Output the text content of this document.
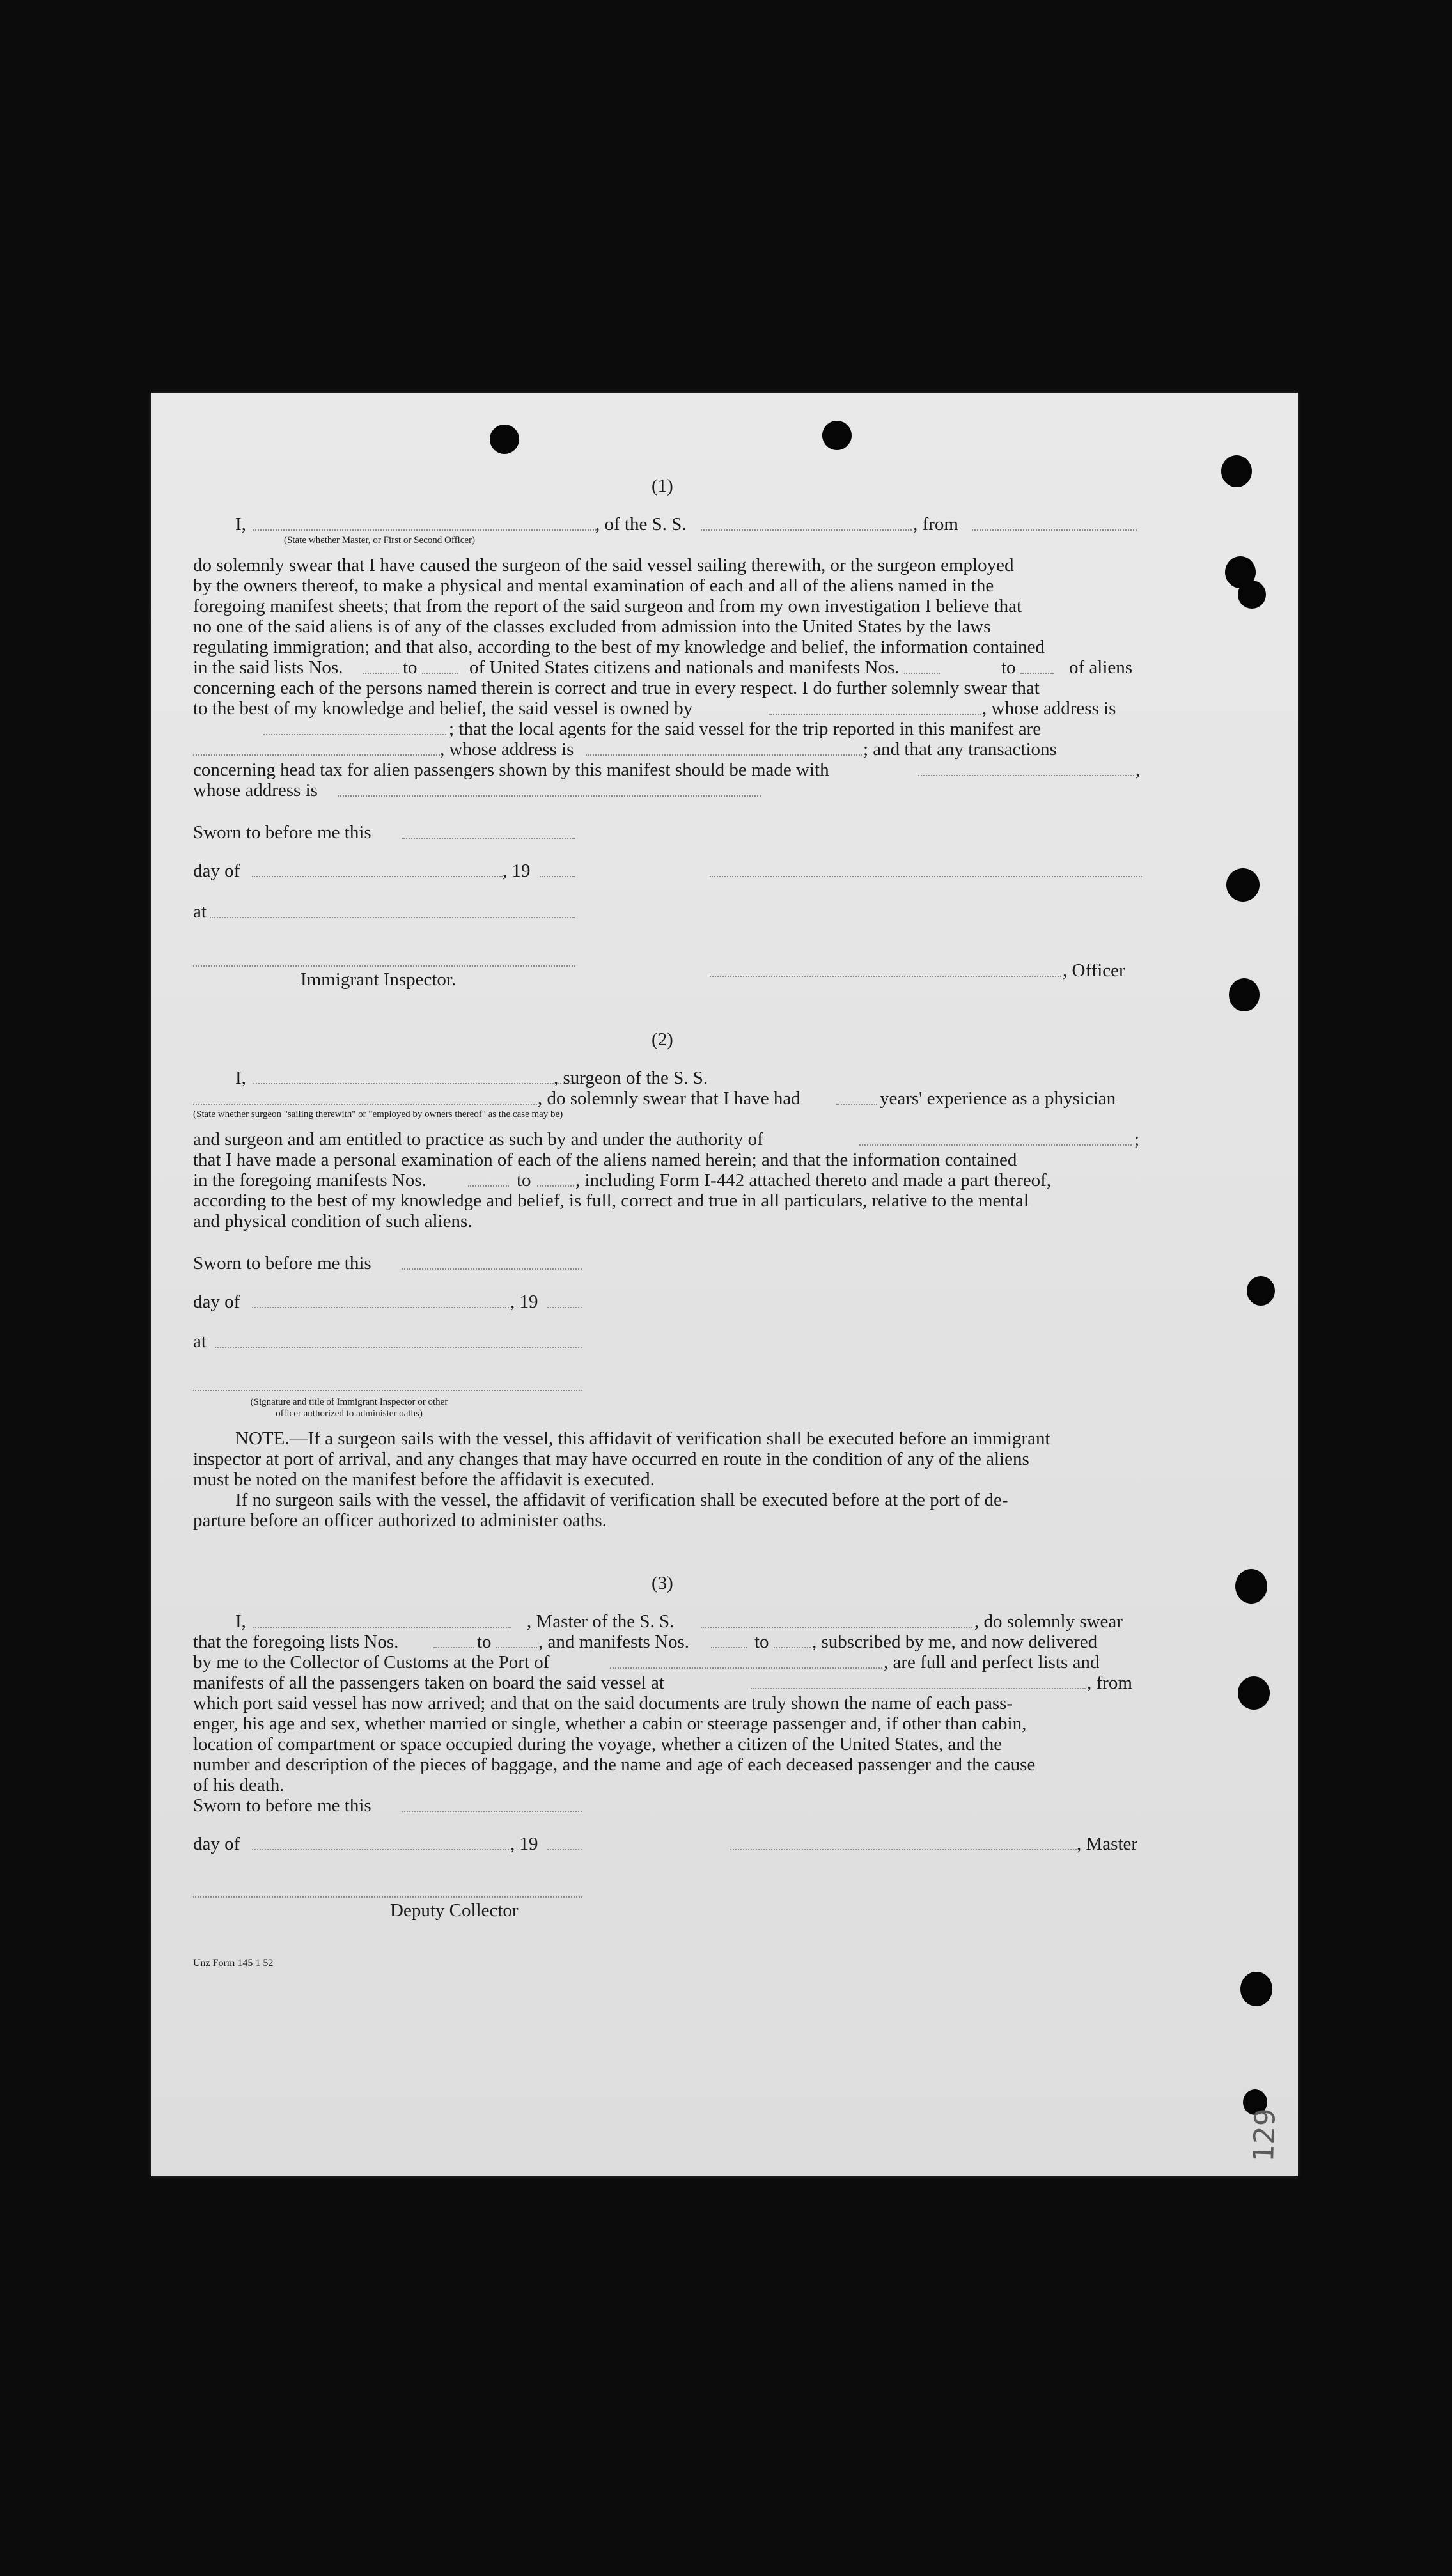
(1)
I,	, of the S. S.	, from
(State whether Master, or First or Second Officer)
do solemnly swear that I have caused the surgeon of the said vessel sailing therewith, or the surgeon employed
by the owners thereof, to make a physical and mental examination of each and all of the aliens named in the
foregoing manifest sheets; that from the report of the said surgeon and from my own investigation I believe that
no one of the said aliens is of any of the classes excluded from admission into the United States by the laws
regulating immigration; and that also, according to the best of my knowledge and belief, the information contained
in the said lists Nos.	to	of United States citizens and nationals and manifests Nos.	to	of aliens
concerning each of the persons named therein is correct and true in every respect. I do further solemnly swear that
to the best of my knowledge and belief, the said vessel is owned by	, whose address is
; that the local agents for the said vessel for the trip reported in this manifest are
, whose address is	; and that any transactions
concerning head tax for alien passengers shown by this manifest should be made with	,
whose address is
Sworn to before me this
day of	, 19
at
, Officer
Immigrant Inspector.
(2)
I,	, surgeon of the S. S.
, do solemnly swear that I have had	years' experience as a physician
(State whether surgeon "sailing therewith" or "employed by owners thereof" as the case may be)
and surgeon and am entitled to practice as such by and under the authority of	;
that I have made a personal examination of each of the aliens named herein; and that the information contained
in the foregoing manifests Nos.	to , including Form I-442 attached thereto and made a part thereof,
according to the best of my knowledge and belief, is full, correct and true in all particulars, relative to the mental
and physical condition of such aliens.
Sworn to before me this
day of	, 19
at
(Signature and title of Immigrant Inspector or other
officer authorized to administer oaths)
NOTE.—If a surgeon sails with the vessel, this affidavit of verification shall be executed before an immigrant
inspector at port of arrival, and any changes that may have occurred en route in the condition of any of the aliens
must be noted on the manifest before the affidavit is executed.
If no surgeon sails with the vessel, the affidavit of verification shall be executed before at the port of de-
parture before an officer authorized to administer oaths.
(3)
I,	, Master of the S. S.	, do solemnly swear
that the foregoing lists Nos.	to	, and manifests Nos.	to , subscribed by me, and now delivered
by me to the Collector of Customs at the Port of	, are full and perfect lists and
manifests of all the passengers taken on board the said vessel at	, from
which port said vessel has now arrived; and that on the said documents are truly shown the name of each pass-
enger, his age and sex, whether married or single, whether a cabin or steerage passenger and, if other than cabin,
location of compartment or space occupied during the voyage, whether a citizen of the United States, and the
number and description of the pieces of baggage, and the name and age of each deceased passenger and the cause
of his death.
Sworn to before me this
day of	, 19	, Master
Deputy Collector
Unz Form 145 1 52
129
